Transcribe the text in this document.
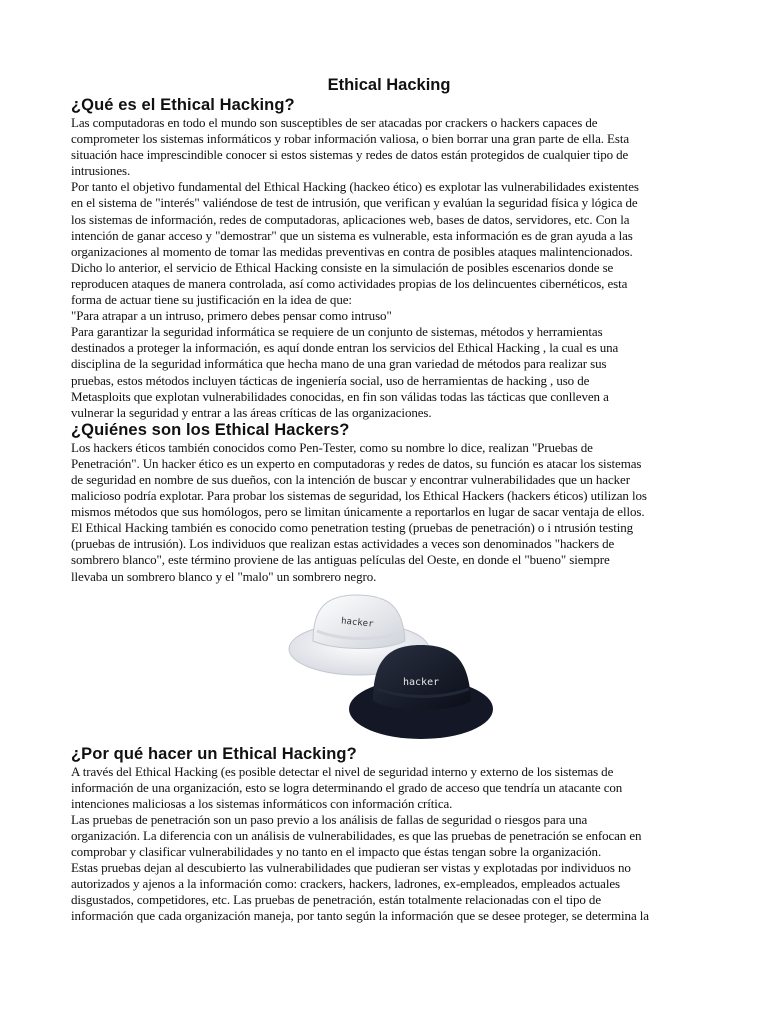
Ethical Hacking
¿Qué es el Ethical Hacking?

Las computadoras en todo el mundo son susceptibles de ser atacadas por crackers o hackers capaces de

comprometer los sistemas informáticos y robar información valiosa, o bien borrar una gran parte de ella. Esta

situación hace imprescindible conocer si estos sistemas y redes de datos están protegidos de cualquier tipo de

intrusiones.

Por tanto el objetivo fundamental del Ethical Hacking (hackeo ético) es explotar las vulnerabilidades existentes

en el sistema de "interés" valiéndose de test de intrusión, que verifican y evalúan la seguridad física y lógica de

los sistemas de información, redes de computadoras, aplicaciones web, bases de datos, servidores, etc. Con la

intención de ganar acceso y "demostrar" que un sistema es vulnerable, esta información es de gran ayuda a las

organizaciones al momento de tomar las medidas preventivas en contra de posibles ataques malintencionados.

Dicho lo anterior, el servicio de Ethical Hacking consiste en la simulación de posibles escenarios donde se

reproducen ataques de manera controlada, así como actividades propias de los delincuentes cibernéticos, esta

forma de actuar tiene su justificación en la idea de que:

"Para atrapar a un intruso, primero debes pensar como intruso"

Para garantizar la seguridad informática se requiere de un conjunto de sistemas, métodos y herramientas

destinados a proteger la información, es aquí donde entran los servicios del Ethical Hacking , la cual es una

disciplina de la seguridad informática que hecha mano de una gran variedad de métodos para realizar sus

pruebas, estos métodos incluyen tácticas de ingeniería social, uso de herramientas de hacking , uso de

Metasploits que explotan vulnerabilidades conocidas, en fin son válidas todas las tácticas que conlleven a

vulnerar la seguridad y entrar a las áreas críticas de las organizaciones.

¿Quiénes son los Ethical Hackers?

Los hackers éticos también conocidos como Pen-Tester, como su nombre lo dice, realizan "Pruebas de

Penetración". Un hacker ético es un experto en computadoras y redes de datos, su función es atacar los sistemas

de seguridad en nombre de sus dueños, con la intención de buscar y encontrar vulnerabilidades que un hacker

malicioso podría explotar. Para probar los sistemas de seguridad, los Ethical Hackers (hackers éticos) utilizan los

mismos métodos que sus homólogos, pero se limitan únicamente a reportarlos en lugar de sacar ventaja de ellos.

El Ethical Hacking también es conocido como penetration testing (pruebas de penetración) o i ntrusión testing

(pruebas de intrusión). Los individuos que realizan estas actividades a veces son denominados "hackers de

sombrero blanco", este término proviene de las antiguas películas del Oeste, en donde el "bueno" siempre

llevaba un sombrero blanco y el "malo" un sombrero negro.

hacker
hacker
¿Por qué hacer un Ethical Hacking?

A través del Ethical Hacking (es posible detectar el nivel de seguridad interno y externo de los sistemas de

información de una organización, esto se logra determinando el grado de acceso que tendría un atacante con

intenciones maliciosas a los sistemas informáticos con información crítica.

Las pruebas de penetración son un paso previo a los análisis de fallas de seguridad o riesgos para una

organización. La diferencia con un análisis de vulnerabilidades, es que las pruebas de penetración se enfocan en

comprobar y clasificar vulnerabilidades y no tanto en el impacto que éstas tengan sobre la organización.

Estas pruebas dejan al descubierto las vulnerabilidades que pudieran ser vistas y explotadas por individuos no

autorizados y ajenos a la información como: crackers, hackers, ladrones, ex-empleados, empleados actuales

disgustados, competidores, etc. Las pruebas de penetración, están totalmente relacionadas con el tipo de

información que cada organización maneja, por tanto según la información que se desee proteger, se determina la
